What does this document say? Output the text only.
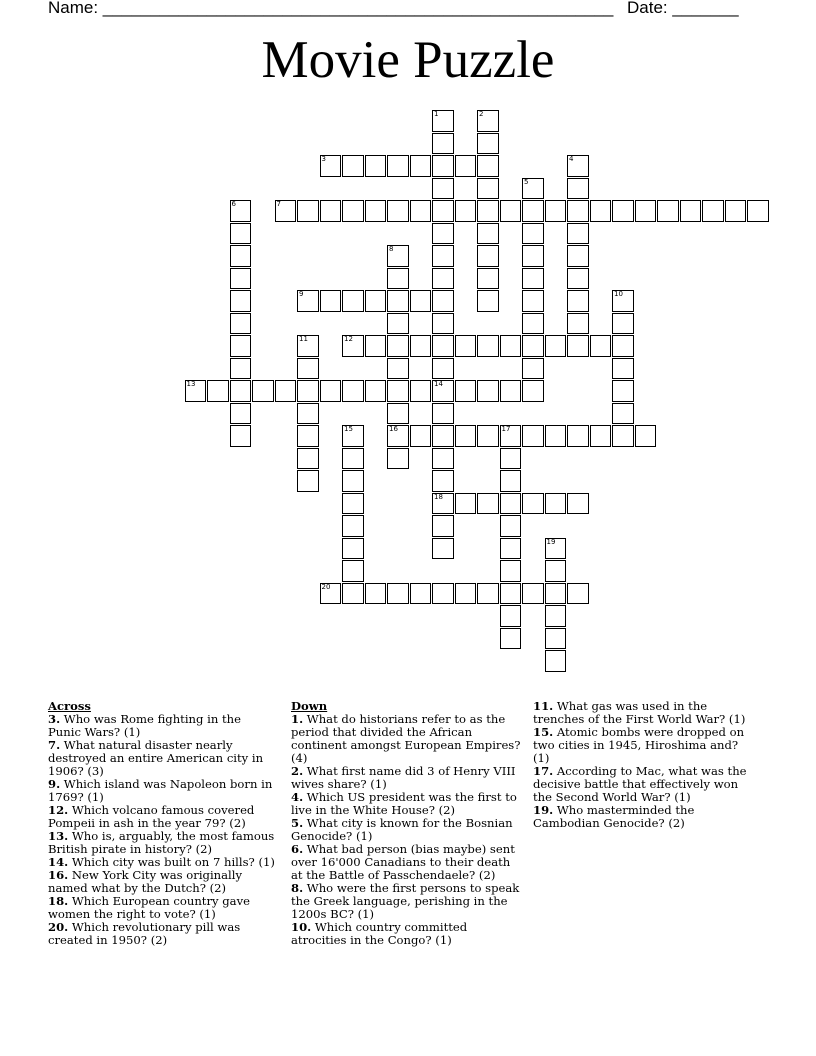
Name: ______________________________________________________ Date: _______
Movie Puzzle
1
14
18
2
3	4
5
6	7
8
16
9	10
11	12
13
15	17
19
20
Across

3. Who was Rome fighting in the Punic Wars? (1)

7. What natural disaster nearly destroyed an entire American city in 1906? (3)

9. Which island was Napoleon born in 1769? (1)

12. Which volcano famous covered Pompeii in ash in the year 79? (2)

13. Who is, arguably, the most famous British pirate in history? (2)

14. Which city was built on 7 hills? (1)

16. New York City was originally named what by the Dutch? (2)

18. Which European country gave women the right to vote? (1)

20. Which revolutionary pill was created in 1950? (2)

Down

1. What do historians refer to as the period that divided the African continent amongst European Empires? (4)

2. What first name did 3 of Henry VIII wives share? (1)

4. Which US president was the first to live in the White House? (2)

5. What city is known for the Bosnian Genocide? (1)

6. What bad person (bias maybe) sent over 16'000 Canadians to their death at the Battle of Passchendaele? (2)

8. Who were the first persons to speak the Greek language, perishing in the 1200s BC? (1)

10. Which country committed atrocities in the Congo? (1)

11. What gas was used in the trenches of the First World War? (1)

15. Atomic bombs were dropped on two cities in 1945, Hiroshima and? (1)

17. According to Mac, what was the decisive battle that effectively won the Second World War? (1)

19. Who masterminded the Cambodian Genocide? (2)
